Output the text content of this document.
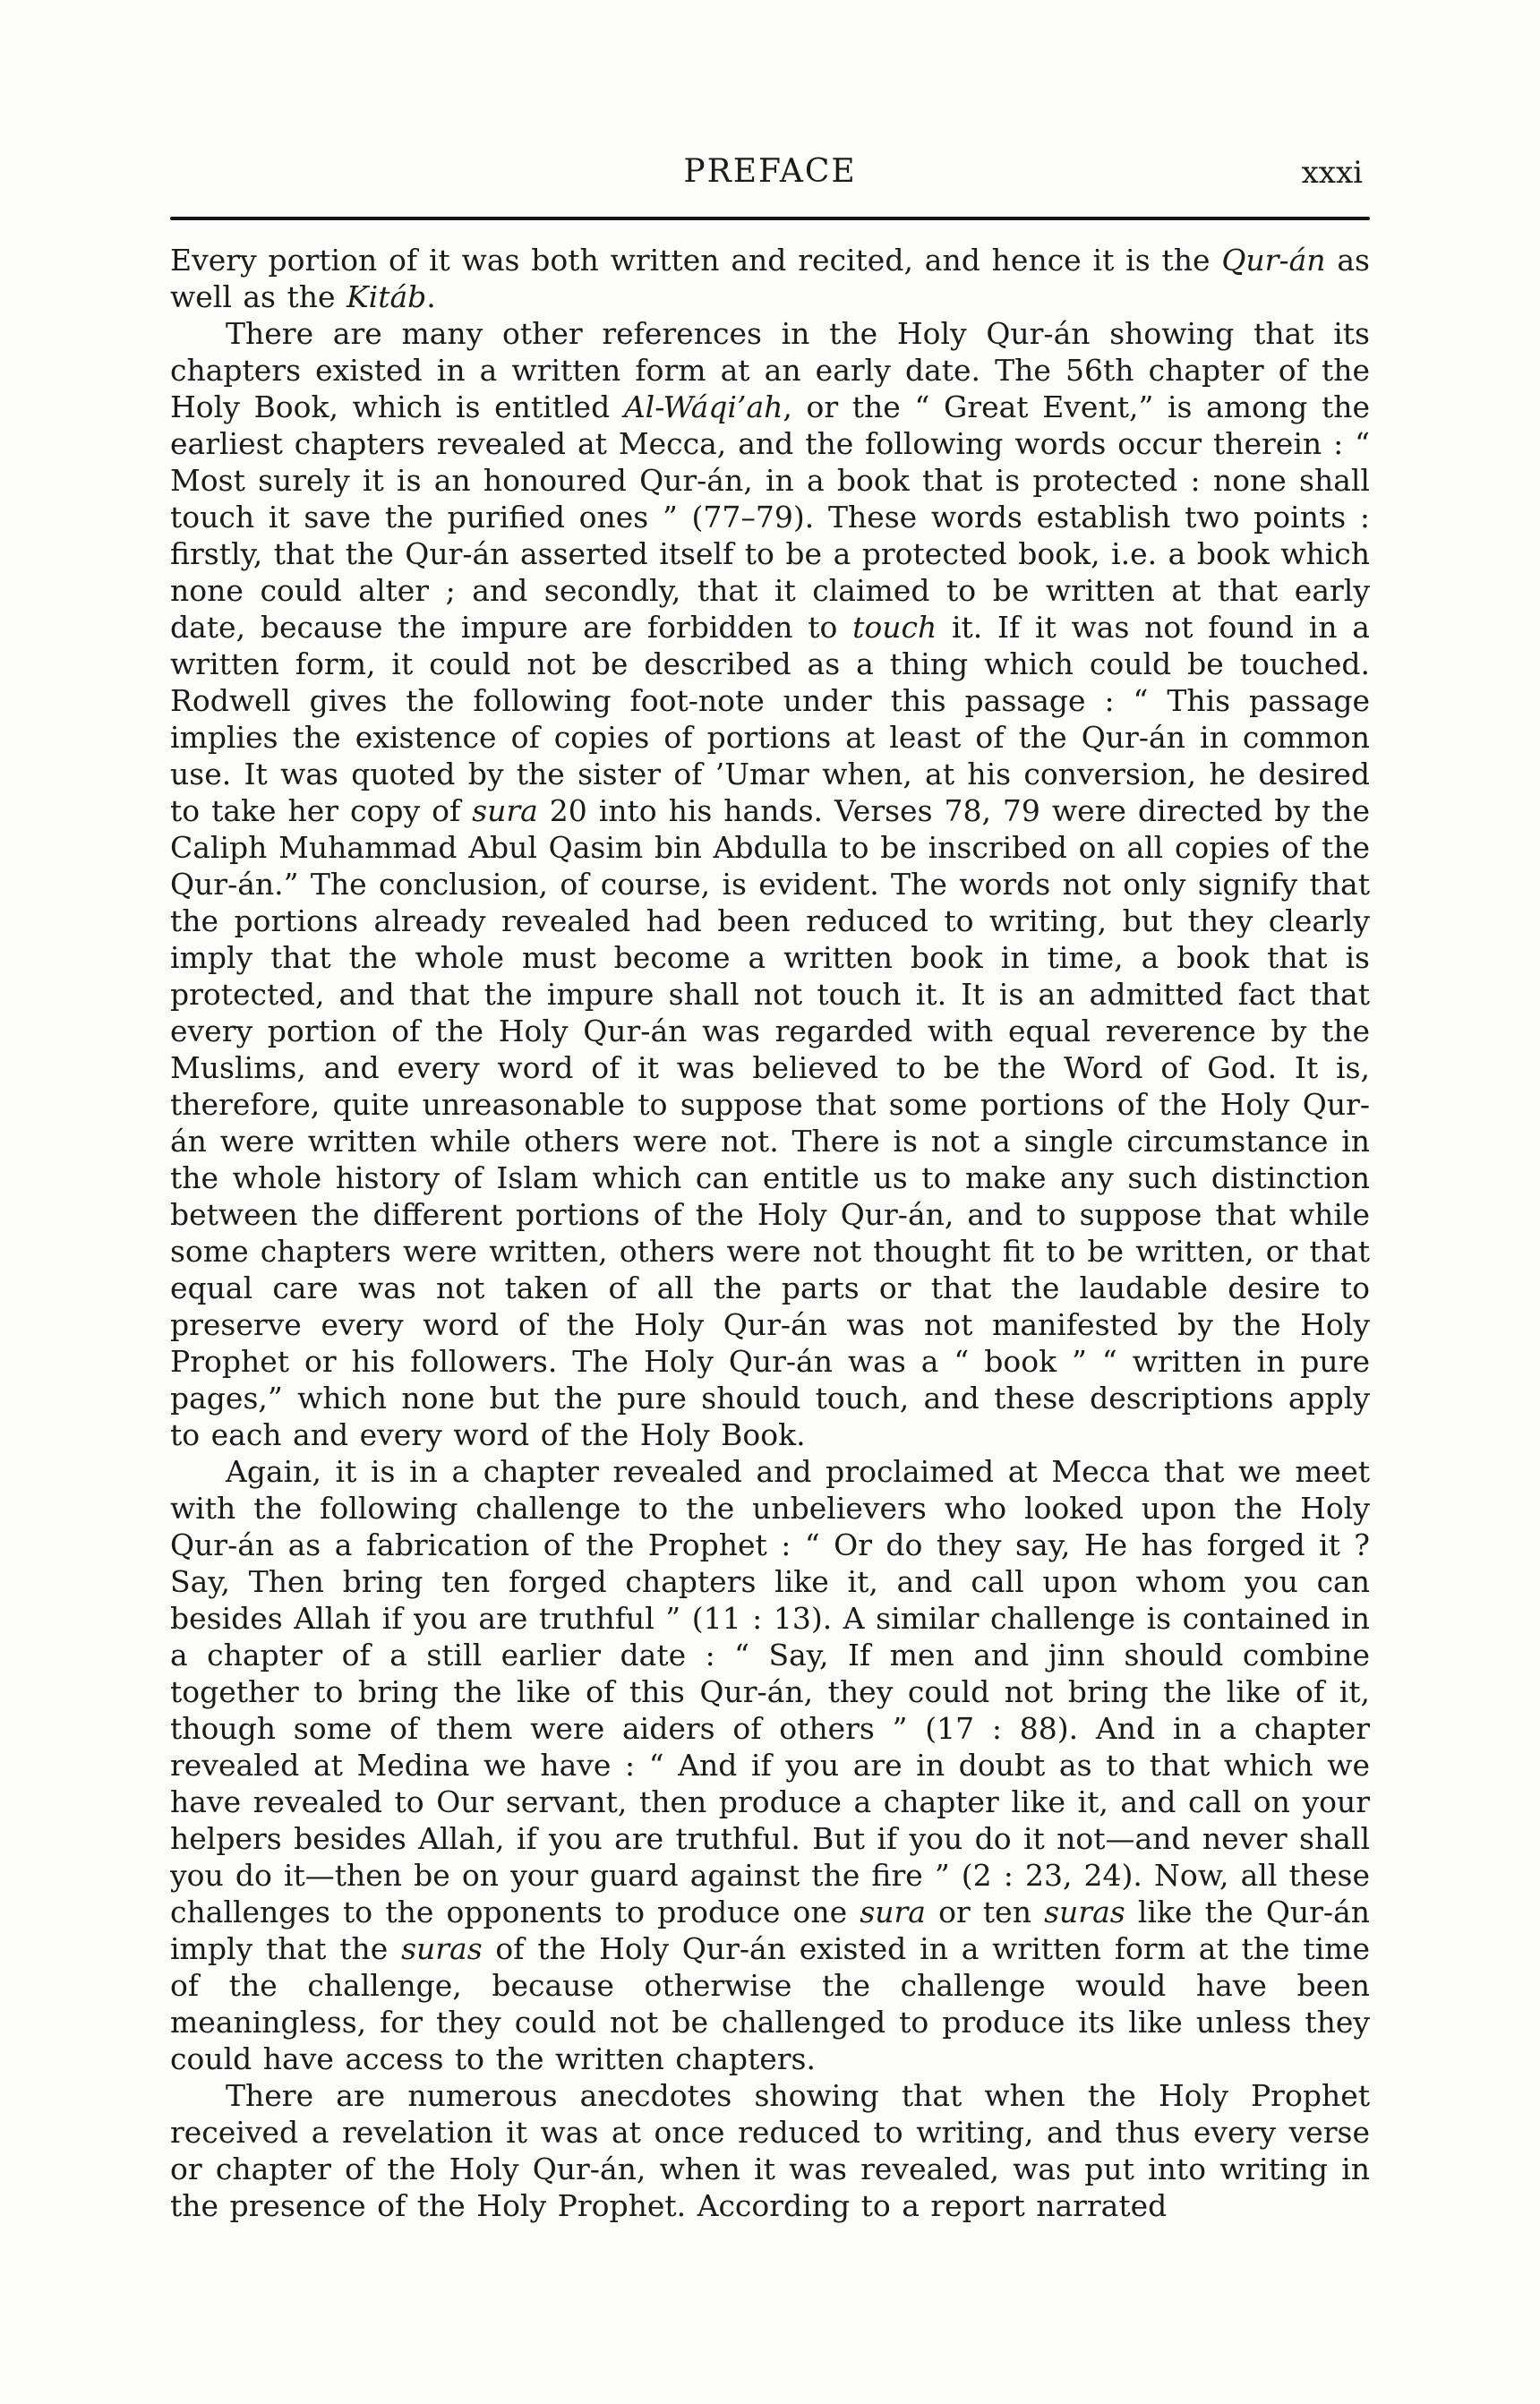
PREFACE	xxxi

Every portion of it was both written and recited, and hence it is the Qur-án as well as the Kitáb.

There are many other references in the Holy Qur-án showing that its chapters existed in a written form at an early date. The 56th chapter of the Holy Book, which is entitled Al-Wáqi’ah, or the “ Great Event,” is among the earliest chapters revealed at Mecca, and the following words occur therein : “ Most surely it is an honoured Qur-án, in a book that is protected : none shall touch it save the purified ones ” (77–79). These words establish two points : firstly, that the Qur-án asserted itself to be a protected book, i.e. a book which none could alter ; and secondly, that it claimed to be written at that early date, because the impure are forbidden to touch it. If it was not found in a written form, it could not be described as a thing which could be touched. Rodwell gives the following foot-note under this passage : “ This passage implies the existence of copies of portions at least of the Qur-án in common use. It was quoted by the sister of ’Umar when, at his conversion, he desired to take her copy of sura 20 into his hands. Verses 78, 79 were directed by the Caliph Muhammad Abul Qasim bin Abdulla to be inscribed on all copies of the Qur-án.” The conclusion, of course, is evident. The words not only signify that the portions already revealed had been reduced to writing, but they clearly imply that the whole must become a written book in time, a book that is protected, and that the impure shall not touch it. It is an admitted fact that every portion of the Holy Qur-án was regarded with equal reverence by the Muslims, and every word of it was believed to be the Word of God. It is, therefore, quite unreasonable to suppose that some portions of the Holy Qur-án were written while others were not. There is not a single circumstance in the whole history of Islam which can entitle us to make any such distinction between the different portions of the Holy Qur-án, and to suppose that while some chapters were written, others were not thought fit to be written, or that equal care was not taken of all the parts or that the laudable desire to preserve every word of the Holy Qur-án was not manifested by the Holy Prophet or his followers. The Holy Qur-án was a “ book ” “ written in pure pages,” which none but the pure should touch, and these descriptions apply to each and every word of the Holy Book.

Again, it is in a chapter revealed and proclaimed at Mecca that we meet with the following challenge to the unbelievers who looked upon the Holy Qur-án as a fabrication of the Prophet : “ Or do they say, He has forged it ? Say, Then bring ten forged chapters like it, and call upon whom you can besides Allah if you are truthful ” (11 : 13). A similar challenge is contained in a chapter of a still earlier date : “ Say, If men and jinn should combine together to bring the like of this Qur-án, they could not bring the like of it, though some of them were aiders of others ” (17 : 88). And in a chapter revealed at Medina we have : “ And if you are in doubt as to that which we have revealed to Our servant, then produce a chapter like it, and call on your helpers besides Allah, if you are truthful. But if you do it not—and never shall you do it—then be on your guard against the fire ” (2 : 23, 24). Now, all these challenges to the opponents to produce one sura or ten suras like the Qur-án imply that the suras of the Holy Qur-án existed in a written form at the time of the challenge, because otherwise the challenge would have been meaningless, for they could not be challenged to produce its like unless they could have access to the written chapters.

There are numerous anecdotes showing that when the Holy Prophet received a revelation it was at once reduced to writing, and thus every verse or chapter of the Holy Qur-án, when it was revealed, was put into writing in the presence of the Holy Prophet. According to a report narrated
